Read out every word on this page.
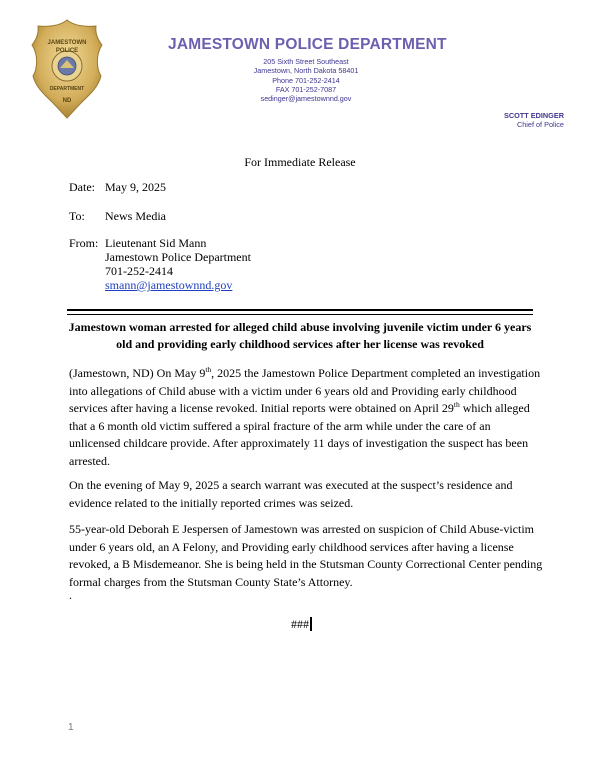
JAMESTOWN
POLICE
DEPARTMENT
ND
JAMESTOWN POLICE DEPARTMENT
205 Sixth Street Southeast
Jamestown, North Dakota 58401
Phone 701-252-2414
FAX 701-252-7087
sedinger@jamestownnd.gov
SCOTT EDINGER
Chief of Police
For Immediate Release
Date: May 9, 2025
To: News Media
From: Lieutenant Sid Mann
Jamestown Police Department
701-252-2414
smann@jamestownnd.gov
Jamestown woman arrested for alleged child abuse involving juvenile victim under 6 years old and providing early childhood services after her license was revoked
(Jamestown, ND) On May 9th, 2025 the Jamestown Police Department completed an investigation into allegations of Child abuse with a victim under 6 years old and Providing early childhood services after having a license revoked. Initial reports were obtained on April 29th which alleged that a 6 month old victim suffered a spiral fracture of the arm while under the care of an unlicensed childcare provide. After approximately 11 days of investigation the suspect has been arrested.
On the evening of May 9, 2025 a search warrant was executed at the suspect’s residence and evidence related to the initially reported crimes was seized.
55-year-old Deborah E Jespersen of Jamestown was arrested on suspicion of Child Abuse-victim under 6 years old, an A Felony, and Providing early childhood services after having a license revoked, a B Misdemeanor. She is being held in the Stutsman County Correctional Center pending formal charges from the Stutsman County State’s Attorney.
.
###
1
